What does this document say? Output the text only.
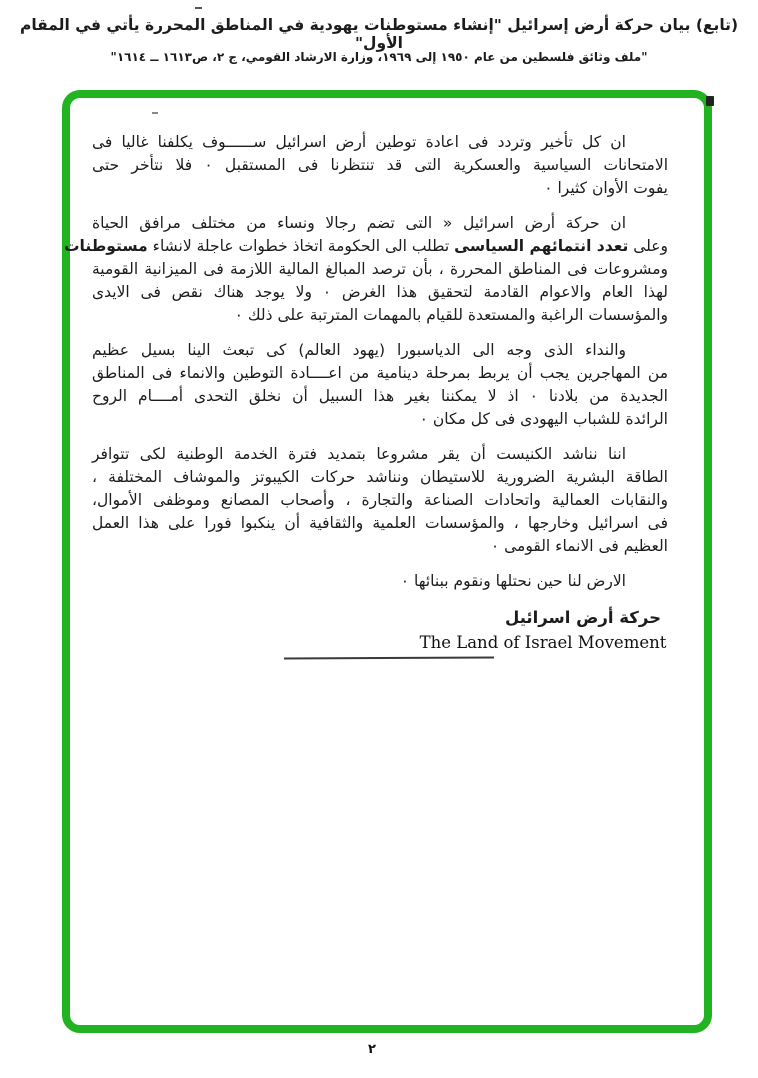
(تابع) بيان حركة أرض إسرائيل "إنشاء مستوطنات يهودية في المناطق المحررة يأتي في المقام الأول"
"ملف وثائق فلسطين من عام ١٩٥٠ إلى ١٩٦٩، وزارة الارشاد القومي، ج ٢، ص١٦١٣ ــ ١٦١٤"
ان كل تأخير وتردد فى اعادة توطين أرض اسرائيل ســــــوف يكلفنا غاليا فى
الامتحانات السياسية والعسكرية التى قد تنتظرنا فى المستقبل ٠ فلا نتأخر حتى
يفوت الأوان كثيرا ٠
ان حركة أرض اسرائيل « التى تضم رجالا ونساء من مختلف مرافق الحياة
وعلى تعدد انتمائهم السياسى تطلب الى الحكومة اتخاذ خطوات عاجلة لانشاء مستوطنات
ومشروعات فى المناطق المحررة ، بأن ترصد المبالغ المالية اللازمة فى الميزانية القومية
لهذا العام والاعوام القادمة لتحقيق هذا الغرض ٠ ولا يوجد هناك نقص فى الايدى
والمؤسسات الراغبة والمستعدة للقيام بالمهمات المترتبة على ذلك ٠
والنداء الذى وجه الى الدياسبورا (يهود العالم) كى تبعث الينا بسيل عظيم
من المهاجرين يجب أن يربط بمرحلة دينامية من اعــــادة التوطين والانماء فى المناطق
الجديدة من بلادنا ٠ اذ لا يمكننا بغير هذا السبيل أن نخلق التحدى أمــــام الروح
الرائدة للشباب اليهودى فى كل مكان ٠
اننا نناشد الكنيست أن يقر مشروعا بتمديد فترة الخدمة الوطنية لكى تتوافر
الطاقة البشرية الضرورية للاستيطان ونناشد حركات الكيبوتز والموشاف المختلفة ،
والنقابات العمالية واتحادات الصناعة والتجارة ، وأصحاب المصانع وموظفى الأموال،
فى اسرائيل وخارجها ، والمؤسسات العلمية والثقافية أن ينكبوا فورا على هذا العمل
العظيم فى الانماء القومى ٠
الارض لنا حين نحتلها ونقوم ببنائها ٠
حركة أرض اسرائيل
The Land of Israel Movement
٢
